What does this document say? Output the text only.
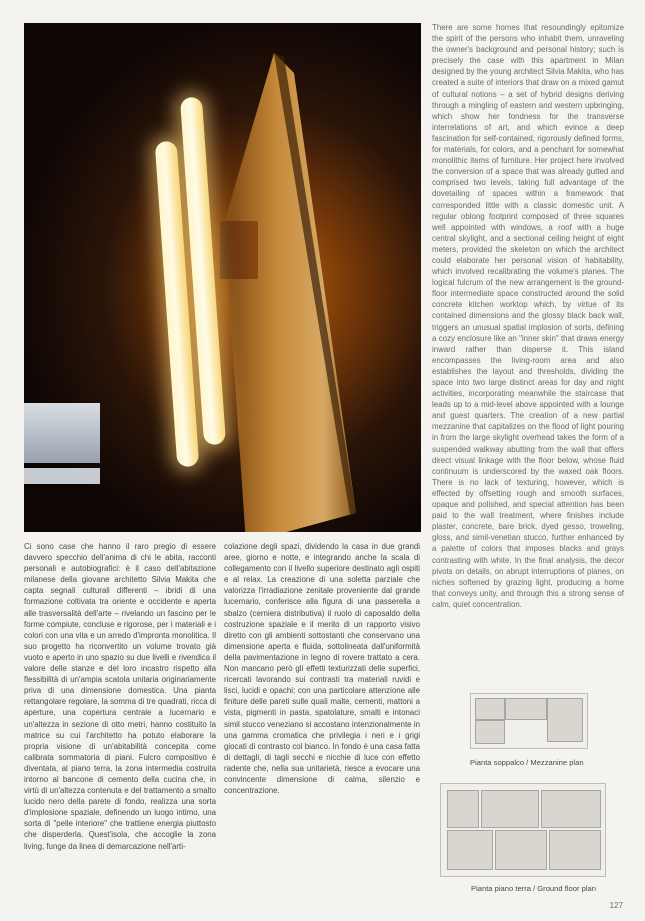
Ci sono case che hanno il raro pregio di essere davvero specchio dell'anima di chi le abita, racconti personali e autobiografici: è il caso dell'abitazione milanese della giovane architetto Silvia Makita che capta segnali culturali differenti – ibridi di una formazione coltivata tra oriente e occidente e aperta alle trasversalità dell'arte – rivelando un fascino per le forme compiute, concluse e rigorose, per i materiali e i colori con una vita e un arredo d'impronta monolitica. Il suo progetto ha riconvertito un volume trovato già vuoto e aperto in uno spazio su due livelli e rivendica il valore delle stanze e del loro incastro rispetto alla flessibilità di un'ampia scatola unitaria originariamente priva di una dimensione domestica. Una pianta rettangolare regolare, la somma di tre quadrati, ricca di aperture, una copertura centrale a lucernario e un'altezza in sezione di otto metri, hanno costituito la matrice su cui l'architetto ha potuto elaborare la propria visione di un'abitabilità concepita come calibrata sommatoria di piani. Fulcro compositivo è diventata, al piano terra, la zona intermedia costruita intorno al bancone di cemento della cucina che, in virtù di un'altezza contenuta e del trattamento a smalto lucido nero della parete di fondo, realizza una sorta d'implosione spaziale, definendo un luogo intimo, una sorta di "pelle interiore" che trattiene energia piuttosto che disperderla. Quest'isola, che accoglie la zona living, funge da linea di demarcazione nell'arti-
colazione degli spazi, dividendo la casa in due grandi aree, giorno e notte, e integrando anche la scala di collegamento con il livello superiore destinato agli ospiti e al relax. La creazione di una soletta parziale che valorizza l'irradiazione zenitale proveniente dal grande lucernario, conferisce alla figura di una passerella a sbalzo (cerniera distributiva) il ruolo di caposaldo della costruzione spaziale e il merito di un rapporto visivo diretto con gli ambienti sottostanti che conservano una dimensione aperta e fluida, sottolineata dall'uniformità della pavimentazione in legno di rovere trattato a cera. Non mancano però gli effetti texturizzati delle superfici, ricercati lavorando sui contrasti tra materiali ruvidi e lisci, lucidi e opachi; con una particolare attenzione alle finiture delle pareti sulle quali malte, cementi, mattoni a vista, pigmenti in pasta, spatolature, smalti e intonaci simil stucco veneziano si accostano intenzionalmente in una gamma cromatica che privilegia i neri e i grigi giocati di contrasto col bianco. In fondo è una casa fatta di dettagli, di tagli secchi e nicchie di luce con effetto radente che, nella sua unitarietà, riesce a evocare una convincente dimensione di calma, silenzio e concentrazione.
There are some homes that resoundingly epitomize the spirit of the persons who inhabit them, unraveling the owner's background and personal history; such is precisely the case with this apartment in Milan designed by the young architect Silvia Makita, who has created a suite of interiors that draw on a mixed gamut of cultural notions – a set of hybrid designs deriving through a mingling of eastern and western upbringing, which show her fondness for the transverse interrelations of art, and which evince a deep fascination for self-contained, rigorously defined forms, for materials, for colors, and a penchant for somewhat monolithic items of furniture. Her project here involved the conversion of a space that was already gutted and comprised two levels, taking full advantage of the dovetailing of spaces within a framework that corresponded little with a classic domestic unit. A regular oblong footprint composed of three squares well appointed with windows, a roof with a huge central skylight, and a sectional ceiling height of eight meters, provided the skeleton on which the architect could elaborate her personal vision of habitability, which involved recalibrating the volume's planes. The logical fulcrum of the new arrangement is the ground-floor intermediate space constructed around the solid concrete kitchen worktop which, by virtue of its contained dimensions and the glossy black back wall, triggers an unusual spatial implosion of sorts, defining a cozy enclosure like an "inner skin" that draws energy inward rather than disperse it. This island encompasses the living-room area and also establishes the layout and thresholds, dividing the space into two large distinct areas for day and night activities, incorporating meanwhile the staircase that leads up to a mid-level above appointed with a lounge and guest quarters. The creation of a new partial mezzanine that capitalizes on the flood of light pouring in from the large skylight overhead takes the form of a suspended walkway abutting from the wall that offers direct visual linkage with the floor below, whose fluid continuum is underscored by the waxed oak floors. There is no lack of texturing, however, which is effected by offsetting rough and smooth surfaces, opaque and polished, and special attention has been paid to the wall treatment, where finishes include plaster, concrete, bare brick, dyed gesso, troweling, gloss, and simil-venetian stucco, further enhanced by a palette of colors that imposes blacks and grays contrasting with white. In the final analysis, the decor pivots on details, on abrupt interruptions of planes, on niches softened by grazing light, producing a home that conveys unity, and through this a strong sense of calm, quiet concentration.
Pianta soppalco / Mezzanine plan
Pianta piano terra / Ground floor plan
127
